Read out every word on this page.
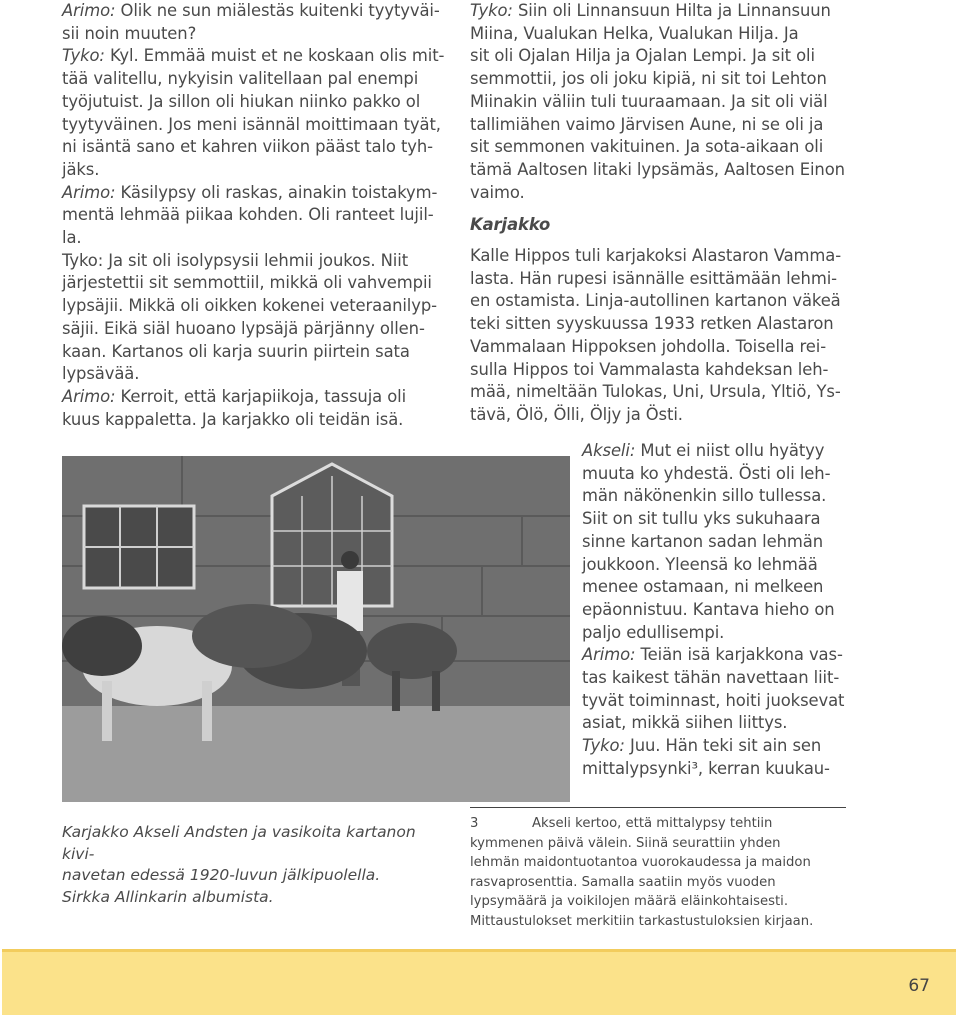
Arimo: Olik ne sun miälestäs kuitenki tyytyväi-

sii noin muuten?

Tyko: Kyl. Emmää muist et ne koskaan olis mit-

tää valitellu, nykyisin valitellaan pal enempi

työjutuist. Ja sillon oli hiukan niinko pakko ol

tyytyväinen. Jos meni isännäl moittimaan tyät,

ni isäntä sano et kahren viikon pääst talo tyh-

jäks.

Arimo: Käsilypsy oli raskas, ainakin toistakym-

mentä lehmää piikaa kohden. Oli ranteet lujil-

la.

Tyko: Ja sit oli isolypsysii lehmii joukos. Niit

järjestettii sit semmottiil, mikkä oli vahvempii

lypsäjii. Mikkä oli oikken kokenei veteraanilyp-

säjii. Eikä siäl huoano lypsäjä pärjänny ollen-

kaan. Kartanos oli karja suurin piirtein sata

lypsävää.

Arimo: Kerroit, että karjapiikoja, tassuja oli

kuus kappaletta. Ja karjakko oli teidän isä.

Tyko: Siin oli Linnansuun Hilta ja Linnansuun

Miina, Vualukan Helka, Vualukan Hilja. Ja

sit oli Ojalan Hilja ja Ojalan Lempi. Ja sit oli

semmottii, jos oli joku kipiä, ni sit toi Lehton

Miinakin väliin tuli tuuraamaan. Ja sit oli viäl

tallimiähen vaimo Järvisen Aune, ni se oli ja

sit semmonen vakituinen. Ja sota-aikaan oli

tämä Aaltosen litaki lypsämäs, Aaltosen Einon

vaimo.

Karjakko

Kalle Hippos tuli karjakoksi Alastaron Vamma-

lasta. Hän rupesi isännälle esittämään lehmi-

en ostamista. Linja-autollinen kartanon väkeä

teki sitten syyskuussa 1933 retken Alastaron

Vammalaan Hippoksen johdolla. Toisella rei-

sulla Hippos toi Vammalasta kahdeksan leh-

mää, nimeltään Tulokas, Uni, Ursula, Yltiö, Ys-

tävä, Ölö, Ölli, Öljy ja Östi.

Akseli: Mut ei niist ollu hyätyy

muuta ko yhdestä. Östi oli leh-

män näkönenkin sillo tullessa.

Siit on sit tullu yks sukuhaara

sinne kartanon sadan lehmän

joukkoon. Yleensä ko lehmää

menee ostamaan, ni melkeen

epäonnistuu. Kantava hieho on

paljo edullisempi.

Arimo: Teiän isä karjakkona vas-

tas kaikest tähän navettaan liit-

tyvät toiminnast, hoiti juoksevat

asiat, mikkä siihen liittys.

Tyko: Juu. Hän teki sit ain sen

mittalypsynki³, kerran kuukau-

Karjakko Akseli Andsten ja vasikoita kartanon kivi-

navetan edessä 1920-luvun jälkipuolella.

Sirkka Allinkarin albumista.

3	Akseli kertoo, että mittalypsy tehtiin
kymmenen päivä välein. Siinä seurattiin yhden
lehmän maidontuotantoa vuorokaudessa ja maidon
rasvaprosenttia. Samalla saatiin myös vuoden
lypsymäärä ja voikilojen määrä eläinkohtaisesti.
Mittaustulokset merkitiin tarkastustuloksien kirjaan.
67
